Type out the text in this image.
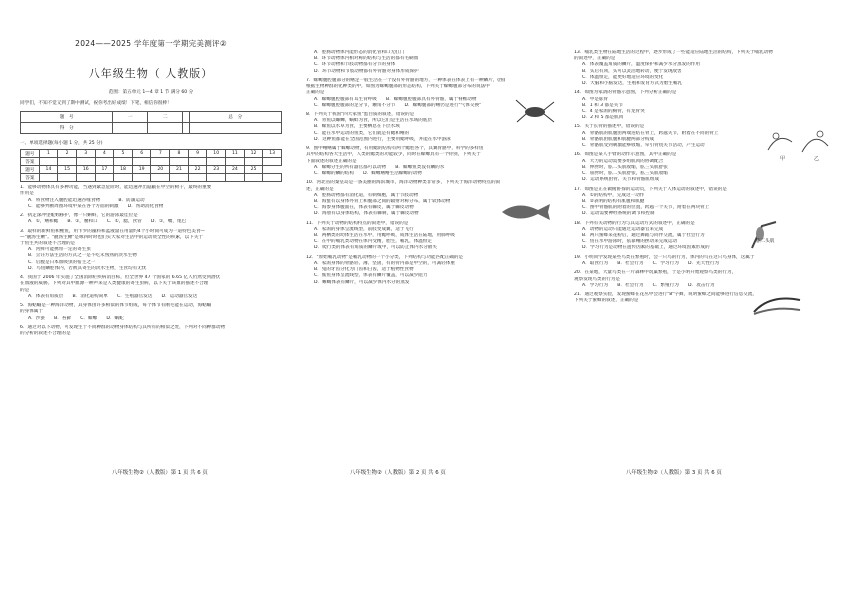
2024——2025 学年度第一学期完美测评②
八年级生物（ 人教版）
范围：第五单元 1—4 章 1 节 满分 60 分
同学们，不知不觉又到了期中测试，祝你考出好成绩！下笔，相信你很棒！
题　号	一	二		总　分
得　分				
一、单项选择题(每小题 1 分，共 25 分)
题号	1	2	3	4	5	6	7	8	9	10	11	12	13
答案													
题号	14	15	16	17	18	19	20	21	22	23	24	25	
答案													
1．能够动物体具有多种功能，当遇到紧急危险时，能迅速冲出隐蔽在中空的树干，最终的重要
作用是
A．将食物注入腹腔能迅速吞噬食物　　　　B．防溺运动
C．能够判断周围环境中某在各个方面的刺激　　D．帮助消化食物
2．执走深冲里蚯蚓移护，像一只蝌蚪，它的游泳最佳位是
A．①，鳍和鳃　　B．①，腰和口　　C．①，腮，食管　　D．①，嘴，尾巴
3．取样的新鲜鱼和鲤鱼，用卡罗的藻料和蓝液量在用量约4个小时间可成为一道特色美食—
—"靓汤生鳅"。"靓汤生鳅"是咏四时时也们实大家对生活中的运动资全性的积累，以下关于
于鱼生共的叙述不合理的是
A．河鲜可能携带一定的寄生虫
B．烹饪方法生活的方式之一是不吃未熟熟的淡水生物
C．后腹是日本血吸虫的宿主之一
D．鸟鱼鳞腔体内，若被其寄生的淡水生物，生食均有无忧
4．我国于 2006 年实施了全国消除疟疾病消目标，但全世界 47 个国家的 6.65 亿人仍然受到潜伏
在血液的威胁。下列对其中血源一种声来是人类健康的寄生虫病，以下关于该血的描述不合理
的是
A．体表有角质层　　B．消化道构简单　　C．生殖器官发达　　D．运动器官发达
5．海蛞蝓是一种海洋动物，其身体由许多相似的体节组成，每个体节有刚毛能在运动，海蛞蝓
的身体属于
A．沙蚕　　B．苔藓　　C．蝾螈　　D．蜗蛇
6．通过对以下动物，可发现生于不同种群的动物身体结构与其所有的相似之处，下列对不同种群动物
的分析的叙述不合理的是
八年级生物②（人教版）第 1 页 共 6 页
A．腔肠动物体内能形态的消化管和口无肛门
B．环节动物体内相对称的结构与生活的都有毛刷血
C．环节动物和节肢动物都有分节的身体
D．环节动物和节肢动物都有外骨骼对身体形成保护
7．蝾螈腹腔腹部分的鳍足一般生活在一个没有外骨骼的地方，一种体表在体表上有一种鳞片，(图)
根据生物种群的化种类的中，如图为蝾螈腹部的形态结构，下列关于蝾螈腹部分布的说法中
正确的是
A．蝾螈腹腔腹部有耳生背呼吸　　B．蝾螈腹腔腹部具有外骨骼，属于脊椎动物
C．蝾螈腹腔腹部的足分节，触角不分节　　D．蝾螈腹部的鳍仍是进行"气体交换"
8．下列关于我国"四大家鱼"蛋白质的叙述，错误的是
A．青鱼以螺蛳，蜗蚌为食，所以它们是生活在水域的底层
B．蝾鱼以水草为食，主要栖息在下层水域
C．能在水中运动的鱼类，它们就是有鳃和鳍的
D．这种鱼都能在全国范围内进行，主要用鳃呼吸，并能在水中游泳
9．图中鳍鳍属于蝾螈动物，有用鳃的结构有两个鳃腔各个，其翼骨骼中，科学的多样鱼
其中的结构各大生活中，人类的鳃类的功能较少，同时在蝾螈具有一个特别，下列关于
下面叙述的叙述正确的是
A．蝾螈分生的所有器官都可以动物　　B．蝾螈鱼类没有鳞的水
C．蝾螈的鳞的结构　　D．蝾螈鳍鳍生活蝾螈的动物
10．河北省的秦皇岛是一条美丽的海滨城市，海洋动物种类非常多，下列关于海洋动物特点的叙
述，正确的是
A．腔肠动物都有消化道，有刺细胞，属于节肢动物
B．海蜇有以身体外背上和腹部之间的辐射对称分布，属于软体动物
C．海参身体腹面在，体表有棘皮，属于棘皮动物
D．海胆有以身体结构，体表有棘刺，属于棘皮动物
11．下列关于动物的结构特点的叙述中，错误的是
A．家鸽的身体呈流线型，前肢变成翼，适于飞行
B．两栖类的幼体生活在水中，用鳃呼吸，成体生活在陆地，用肺呼吸
C．在中的哺乳类动物在体内受精，胎生，哺乳，体温恒定
D．爬行类的体表有角质的鳞片或甲，可以防止体内水分散失
12．"原始哺乳动物"是哺乳动物的一个小分类，下列结构与功能匹配正确的是
A．家鸽身体的骨骼轻、薄、坚固，有的骨内部是中空的，可减轻体重
B．兔的牙齿分化为门齿和臼齿，适于植物性食物
C．鲨鱼身体呈流线型，体表有鳞片覆盖，可以减少阻力
D．蜥蜴体表有鳞片，可以减少体内水分的蒸发
八年级生物②（人教版）第 2 页 共 6 页
13．哺乳类生物在陆地生活的过程中，逐步形成了一些能适应陆地生活的结构，下列关于哺乳动物
的叙述中，正确的是
A．体表覆盖角质的鳞片，温度保护和减少水分蒸发的作用
B．头后有颈，头可以灵活地转动，便于发现敌害
C．体温恒定，能更好地适应环境的变化
D．大脑和小脑发达，生殖和发育方式为胎生哺乳
14．如图为家鸽的骨骼示意图，下列分析正确的是
A．甲是肱骨
B．1 和 3 都是关节
C．4 是家鸽的胸骨，有龙骨突
D．2 和 5 都是肌肉
15．关于长骨的描述中，错误的是
A．骨骼肌的肌腹由两端连结在骨上，跨越关节，附着在不同的骨上
B．骨骼肌由肌腹和肌腱两部分构成
C．骨骼肌受到刺激能够收缩，牵引骨绕关节活动，产生运动
16．如图是某人手臂的动作示意图，其中正确的是
A．大力的运动需要多组肌肉的协调配合
B．伸肘时，肱二头肌收缩，肱三头肌舒张
C．屈肘时，肱二头肌舒张，肱三头肌收缩
D．运动系统由骨、关节和骨骼肌组成
17．如图是正在做俯卧撑的运动员，下列关于人体运动的叙述中，错误的是
A．①的结构中，完成这一动作
B．②表明的结构有肌腹和肌腱
C．图中骨骼肌的附着的位置，跨越一个关节，附着在两块骨上
D．运动需要神经系统的调节和控制
18．下列有关动物的行为与其运动方式的叙述中，正确的是
A．动物的运动只能通过运动器官来完成
B．两只蜜蜂采花粉后，通过舞蹈与同伴交流，属于社会行为
C．鱼在水中游泳时，依靠鳍的摆动来完成运动
D．学习行为是动物在遗传因素的基础上，通过环境因素形成的
19．小明同学发现某些鸟类在繁殖时，会一只鸟的行为，体内的鸟在这只鸟身体，这属于
A．取食行为　　B．社会行为　　C．学习行为　　D．先天性行为
20．在某地，大量鸟类在一片森林中筑巢繁殖，于是小明开始观察鸟类的行为，
观察发现鸟类的行为是
A．学习行为　　B．社会行为　　C．繁殖行为　　D．攻击行为
21．通过观察实验，发现蜜蜂在花丛中会进行"8"字舞，说明蜜蜂之间能够进行信息交流，
下列关于蜜蜂的叙述，正确的是
甲	乙
肱二头肌
八年级生物②（人教版）第 3 页 共 6 页
